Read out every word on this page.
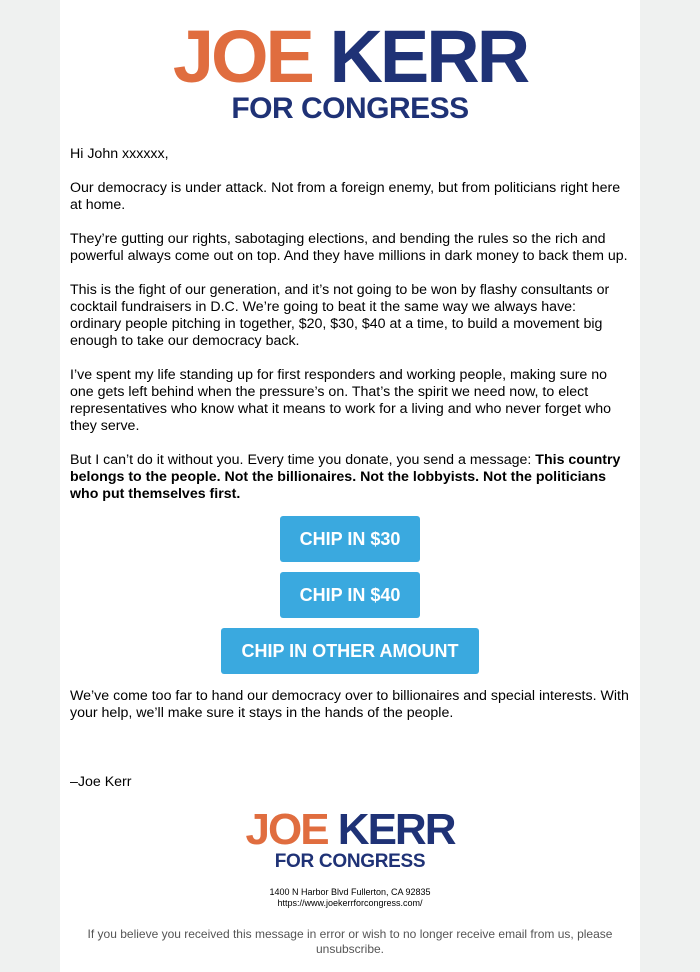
JOE KERR
FOR CONGRESS

Hi John xxxxxx,

Our democracy is under attack. Not from a foreign enemy, but from politicians right here at home.

They’re gutting our rights, sabotaging elections, and bending the rules so the rich and powerful always come out on top. And they have millions in dark money to back them up.

This is the fight of our generation, and it’s not going to be won by flashy consultants or cocktail fundraisers in D.C. We’re going to beat it the same way we always have: ordinary people pitching in together, $20, $30, $40 at a time, to build a movement big enough to take our democracy back.

I’ve spent my life standing up for first responders and working people, making sure no one gets left behind when the pressure’s on. That’s the spirit we need now, to elect representatives who know what it means to work for a living and who never forget who they serve.

But I can’t do it without you. Every time you donate, you send a message: This country belongs to the people. Not the billionaires. Not the lobbyists. Not the politicians who put themselves first.

CHIP IN $30
CHIP IN $40
CHIP IN OTHER AMOUNT
We’ve come too far to hand our democracy over to billionaires and special interests. With your help, we’ll make sure it stays in the hands of the people.
–Joe Kerr
JOE KERR
FOR CONGRESS
1400 N Harbor Blvd Fullerton, CA 92835
https://www.joekerrforcongress.com/
If you believe you received this message in error or wish to no longer receive email from us, please unsubscribe.
